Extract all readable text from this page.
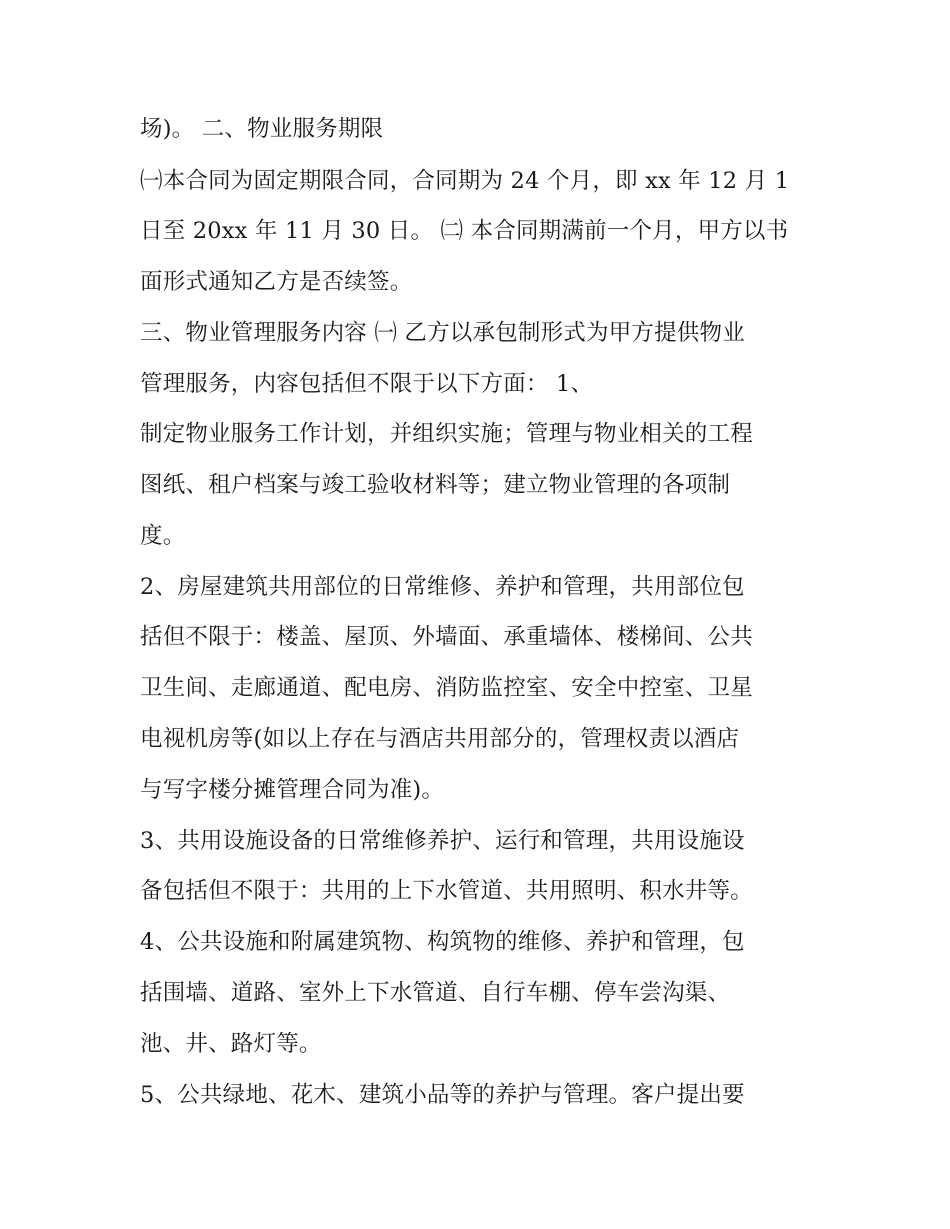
场)。 二、物业服务期限

㈠本合同为固定期限合同，合同期为 24 个月，即 xx 年 12 月 1

日至 20xx 年 11 月 30 日。 ㈡ 本合同期满前一个月，甲方以书

面形式通知乙方是否续签。

三、物业管理服务内容 ㈠ 乙方以承包制形式为甲方提供物业

管理服务，内容包括但不限于以下方面： 1、

制定物业服务工作计划，并组织实施；管理与物业相关的工程

图纸、租户档案与竣工验收材料等；建立物业管理的各项制

度。

2、房屋建筑共用部位的日常维修、养护和管理，共用部位包

括但不限于：楼盖、屋顶、外墙面、承重墙体、楼梯间、公共

卫生间、走廊通道、配电房、消防监控室、安全中控室、卫星

电视机房等(如以上存在与酒店共用部分的，管理权责以酒店

与写字楼分摊管理合同为准)。

3、共用设施设备的日常维修养护、运行和管理，共用设施设

备包括但不限于：共用的上下水管道、共用照明、积水井等。

4、公共设施和附属建筑物、构筑物的维修、养护和管理，包

括围墙、道路、室外上下水管道、自行车棚、停车尝沟渠、

池、井、路灯等。

5、公共绿地、花木、建筑小品等的养护与管理。客户提出要
